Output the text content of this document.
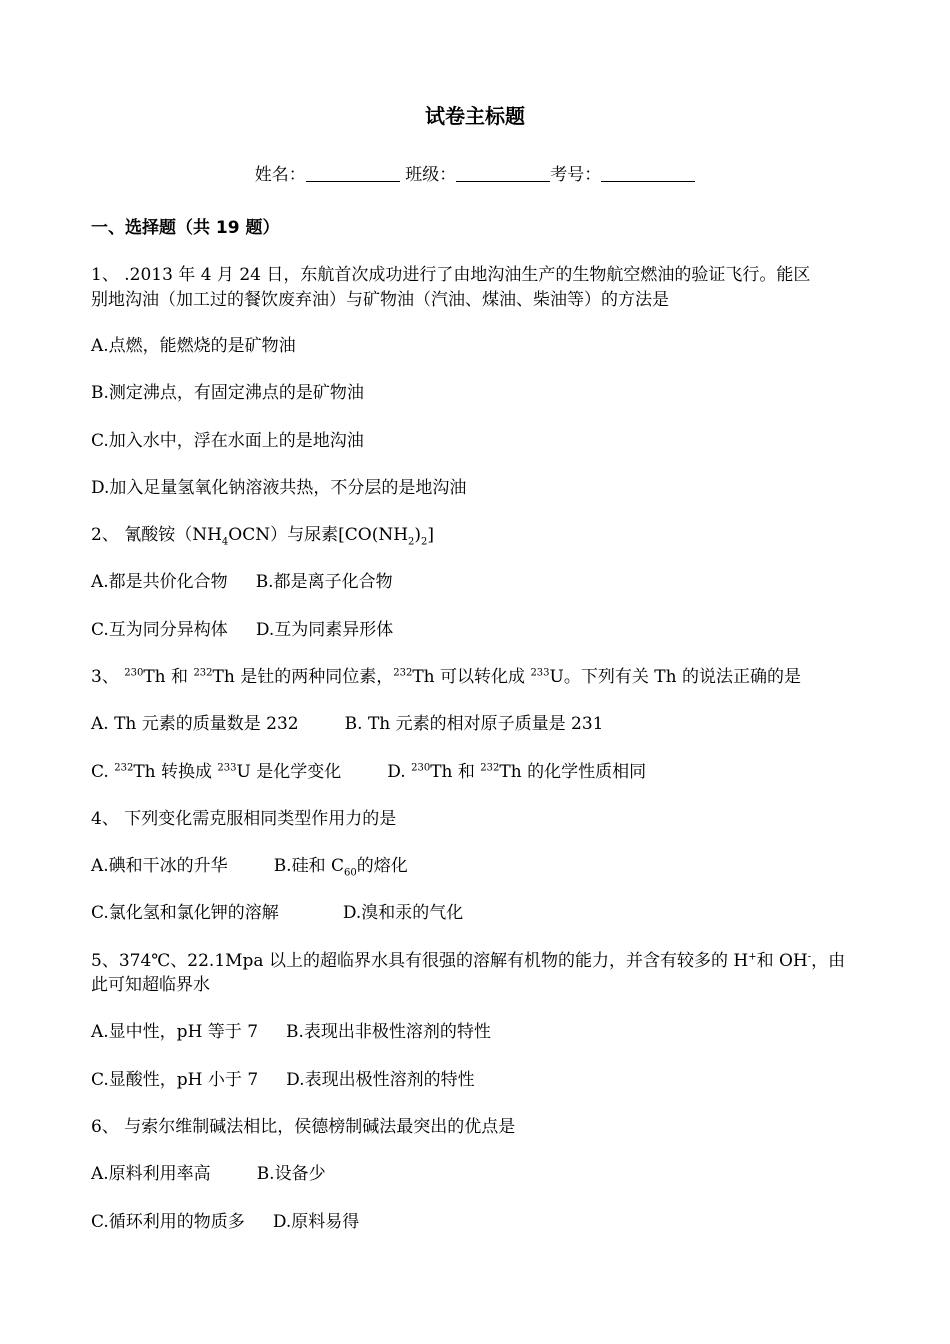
试卷主标题
姓名：	班级：	考号：
一、选择题（共 19 题）
1、 .2013 年 4 月 24 日，东航首次成功进行了由地沟油生产的生物航空燃油的验证飞行。能区
别地沟油（加工过的餐饮废弃油）与矿物油（汽油、煤油、柴油等）的方法是
A.点燃，能燃烧的是矿物油
B.测定沸点，有固定沸点的是矿物油
C.加入水中，浮在水面上的是地沟油
D.加入足量氢氧化钠溶液共热，不分层的是地沟油
2、 氰酸铵$(NH_4OCN)$与尿素$[CO(NH_2)_2]$
A.都是共价化合物 B.都是离子化合物
C.互为同分异构体 D.互为同素异形体
3、 $^{230}$Th 和 $^{232}$Th 是钍的两种同位素，$^{232}$Th 可以转化成 $^{233}$U。下列有关 Th 的说法正确的是
A. Th 元素的质量数是 232	B. Th 元素的相对原子质量是 231
C. $^{232}$Th 转换成 $^{233}$U 是化学变化	D. $^{230}$Th 和 $^{232}$Th 的化学性质相同
4、 下列变化需克服相同类型作用力的是
A.碘和干冰的升华	B.硅和 $C_{60}$的熔化
C.氯化氢和氯化钾的溶解	D.溴和汞的气化
5、374℃、22.1Mpa 以上的超临界水具有很强的溶解有机物的能力，并含有较多的 H+和 OH-，由
此可知超临界水
A.显中性，pH 等于 7 B.表现出非极性溶剂的特性
C.显酸性，pH 小于 7 D.表现出极性溶剂的特性
6、 与索尔维制碱法相比，侯德榜制碱法最突出的优点是
A.原料利用率高	B.设备少
C.循环利用的物质多 D.原料易得
